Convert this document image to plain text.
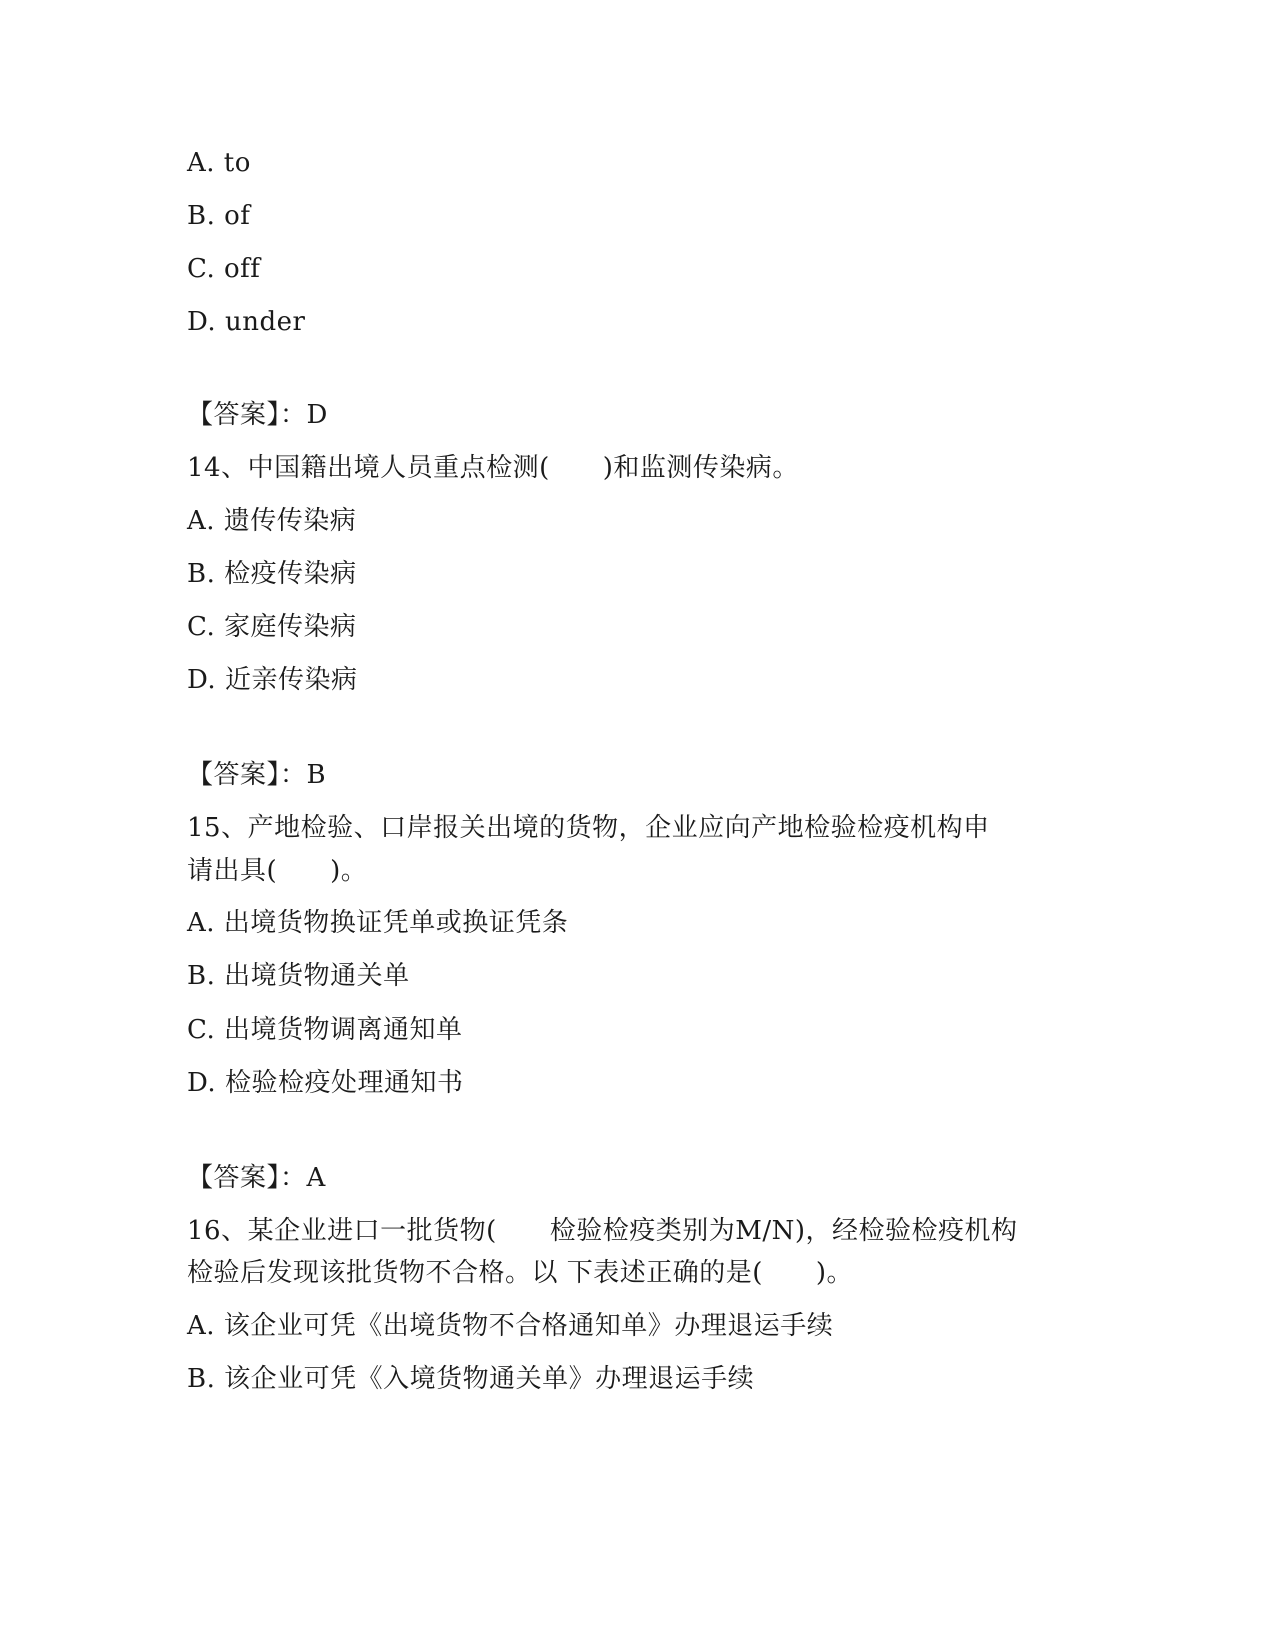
A. to
B. of
C. off
D. under
【答案】：D
14、中国籍出境人员重点检测(　　)和监测传染病。
A. 遗传传染病
B. 检疫传染病
C. 家庭传染病
D. 近亲传染病
【答案】：B
15、产地检验、口岸报关出境的货物，企业应向产地检验检疫机构申
请出具(　　)。
A. 出境货物换证凭单或换证凭条
B. 出境货物通关单
C. 出境货物调离通知单
D. 检验检疫处理通知书
【答案】：A
16、某企业进口一批货物(　　检验检疫类别为M/N)，经检验检疫机构
检验后发现该批货物不合格。以 下表述正确的是(　　)。
A. 该企业可凭《出境货物不合格通知单》办理退运手续
B. 该企业可凭《入境货物通关单》办理退运手续
